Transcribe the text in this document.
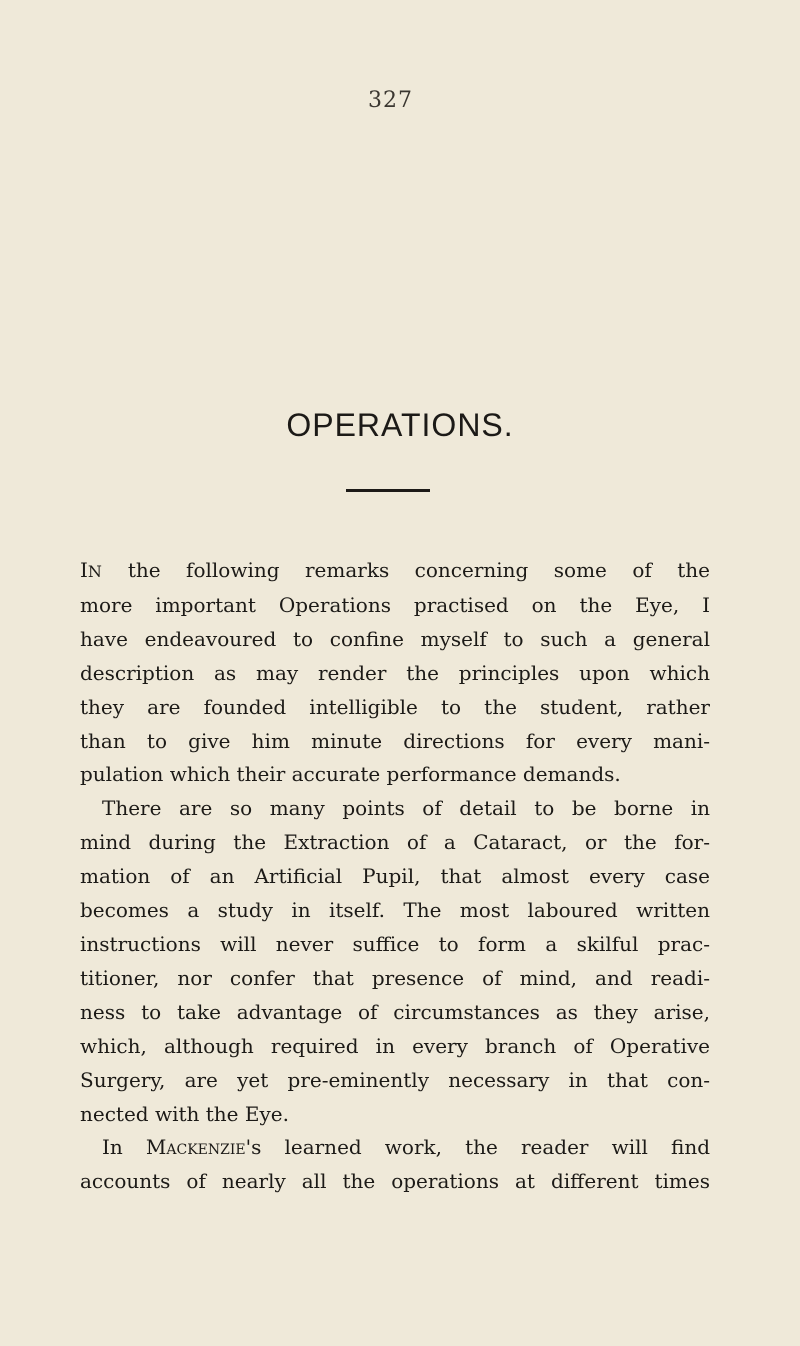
327
OPERATIONS.
IN the following remarks concerning some of the
more important Operations practised on the Eye, I
have endeavoured to confine myself to such a general
description as may render the principles upon which
they are founded intelligible to the student, rather
than to give him minute directions for every mani-
pulation which their accurate performance demands.
There are so many points of detail to be borne in
mind during the Extraction of a Cataract, or the for-
mation of an Artificial Pupil, that almost every case
becomes a study in itself. The most laboured written
instructions will never suffice to form a skilful prac-
titioner, nor confer that presence of mind, and readi-
ness to take advantage of circumstances as they arise,
which, although required in every branch of Operative
Surgery, are yet pre-eminently necessary in that con-
nected with the Eye.
In Mackenzie's learned work, the reader will find
accounts of nearly all the operations at different times
